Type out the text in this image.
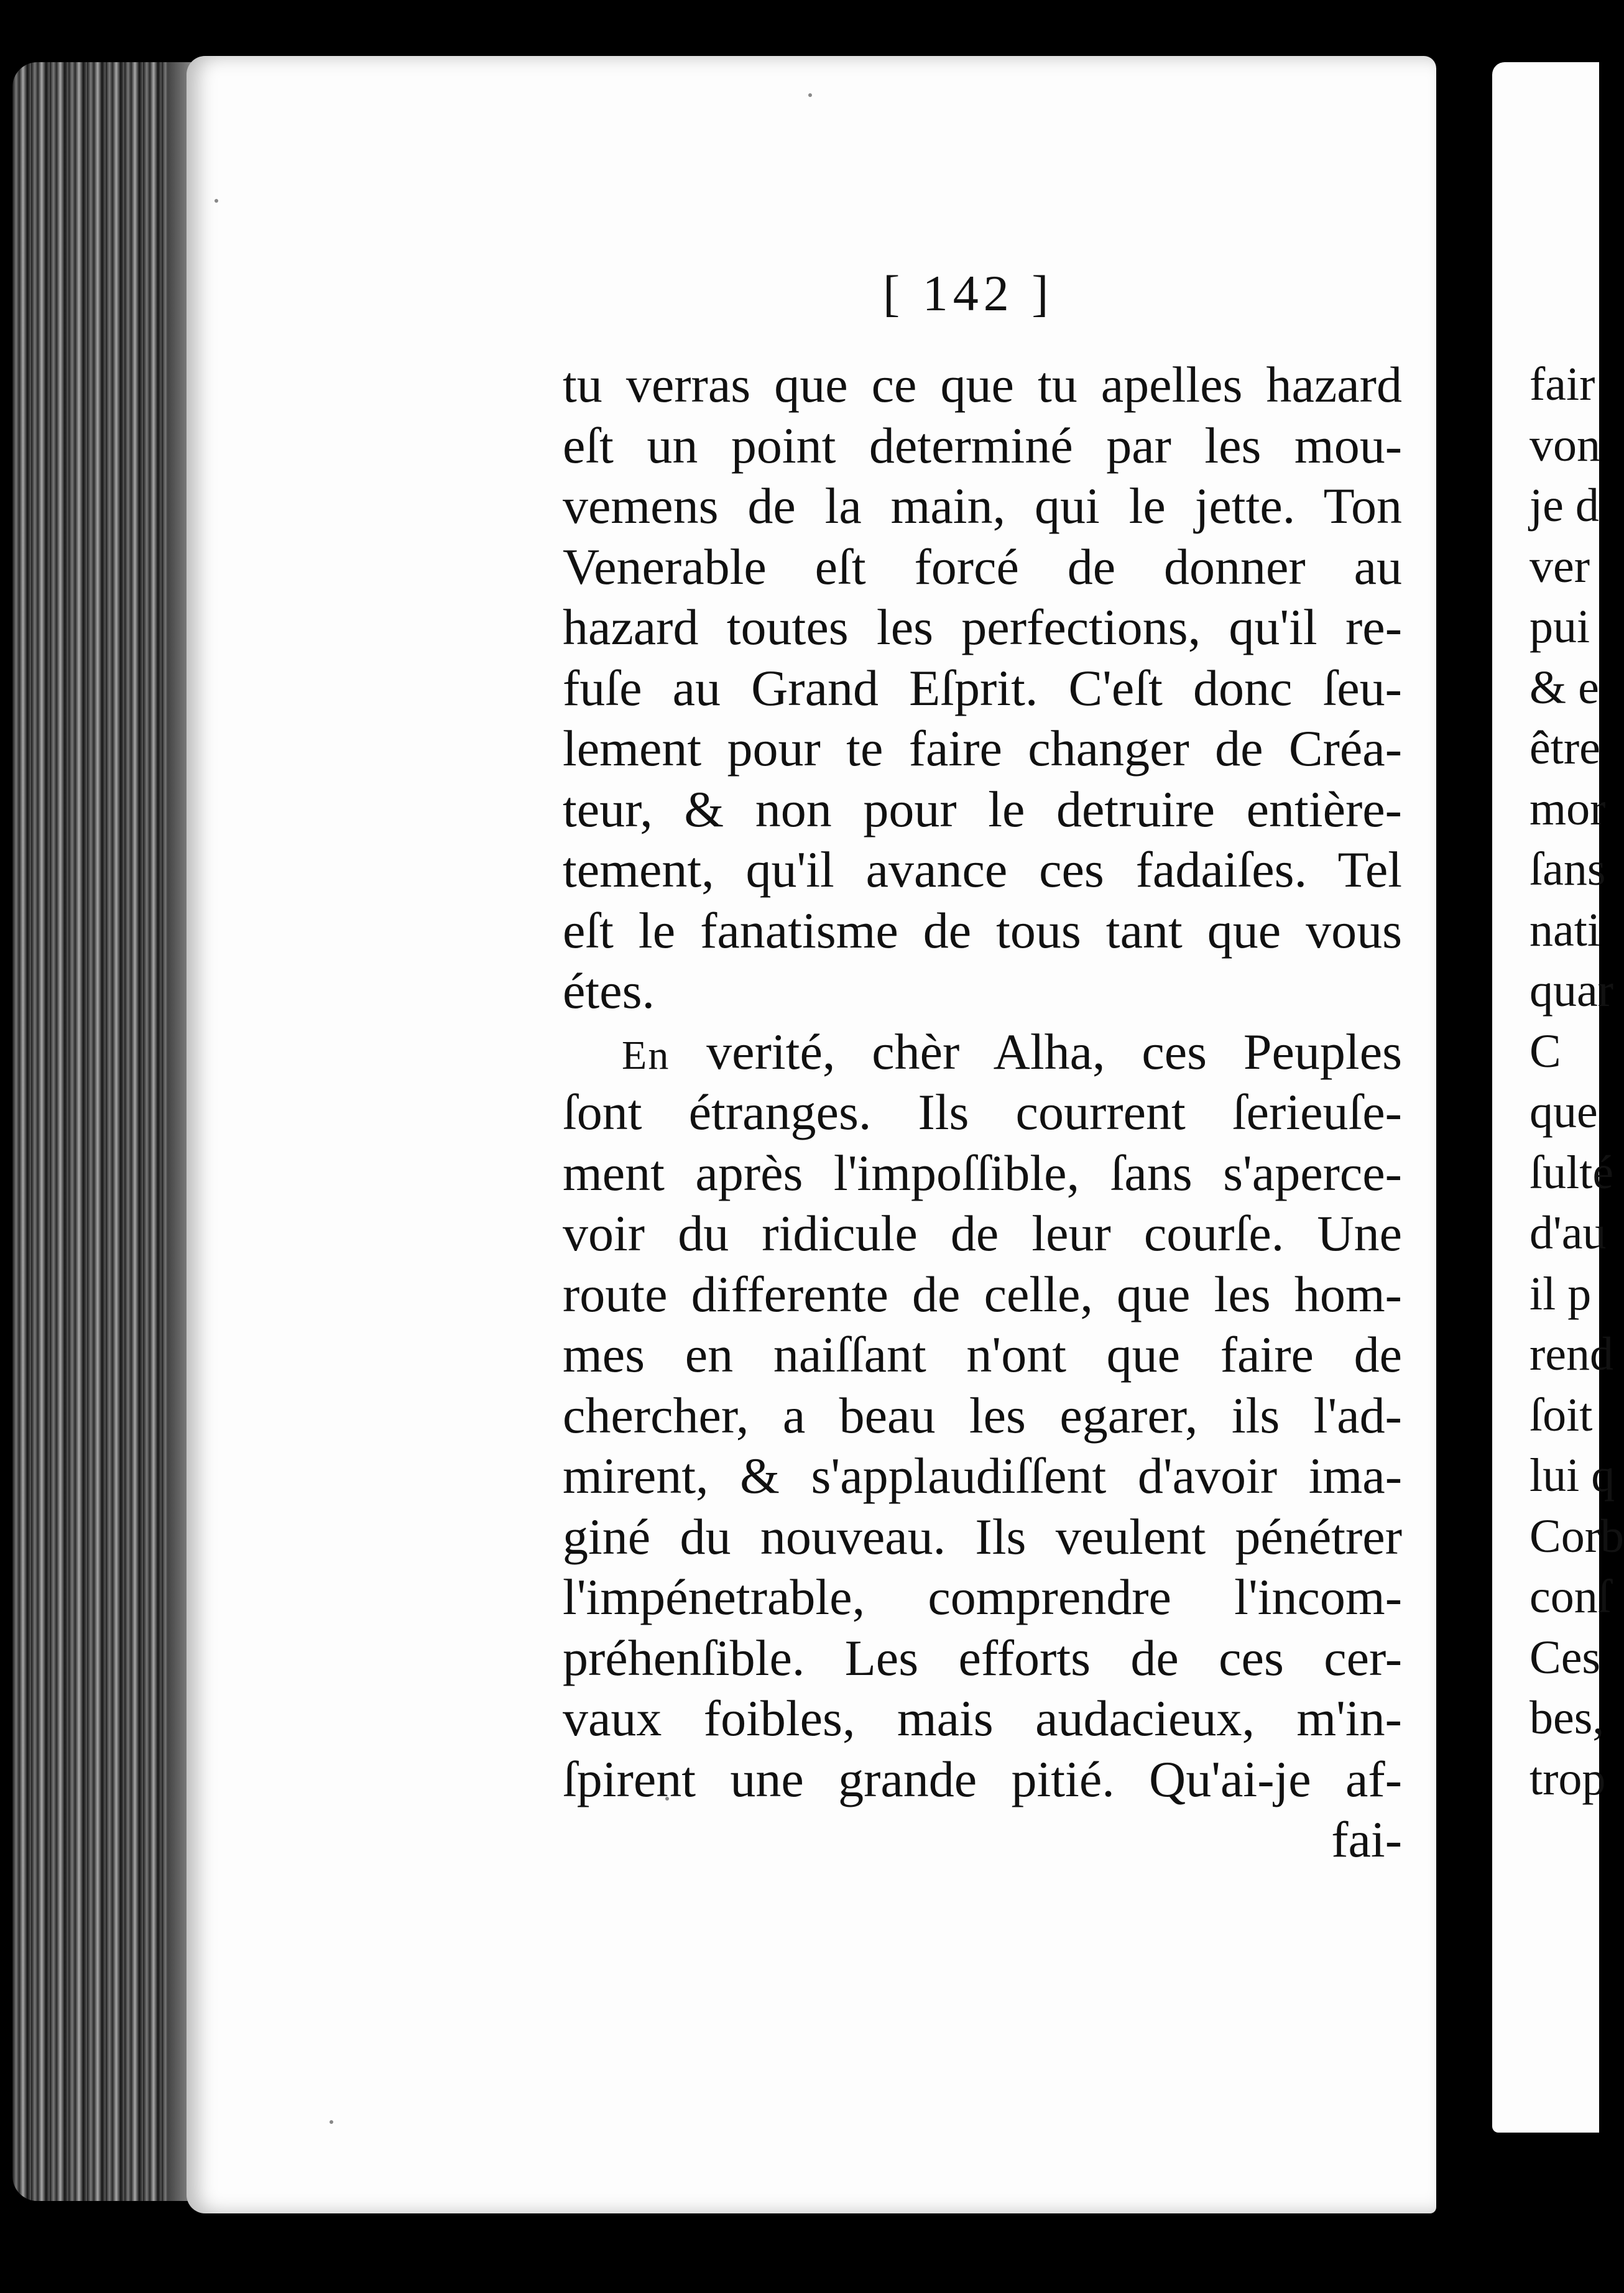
[ 142 ]
tu verras que ce que tu apelles hazard
eſt un point determiné par les mou-
vemens de la main, qui le jette. Ton
Venerable eſt forcé de donner au
hazard toutes les perfections, qu'il re-
fuſe au Grand Eſprit. C'eſt donc ſeu-
lement pour te faire changer de Créa-
teur, & non pour le detruire entière-
tement, qu'il avance ces fadaiſes. Tel
eſt le fanatisme de tous tant que vous
étes.
En verité, chèr Alha, ces Peuples
ſont étranges. Ils courrent ſerieuſe-
ment après l'impoſſible, ſans s'aperce-
voir du ridicule de leur courſe. Une
route differente de celle, que les hom-
mes en naiſſant n'ont que faire de
chercher, a beau les egarer, ils l'ad-
mirent, & s'applaudiſſent d'avoir ima-
giné du nouveau. Ils veulent pénétrer
l'impénetrable, comprendre l'incom-
préhenſible. Les efforts de ces cer-
vaux foibles, mais audacieux, m'in-
ſpirent une grande pitié. Qu'ai-je af-
fai-
fair
von
je d
ver
pui
& e
être
mor
ſans
nati
quar
C
que
ſulté
d'au
il p
rend
ſoit
lui q
Corb
conſ
Ces
bes,
trop
